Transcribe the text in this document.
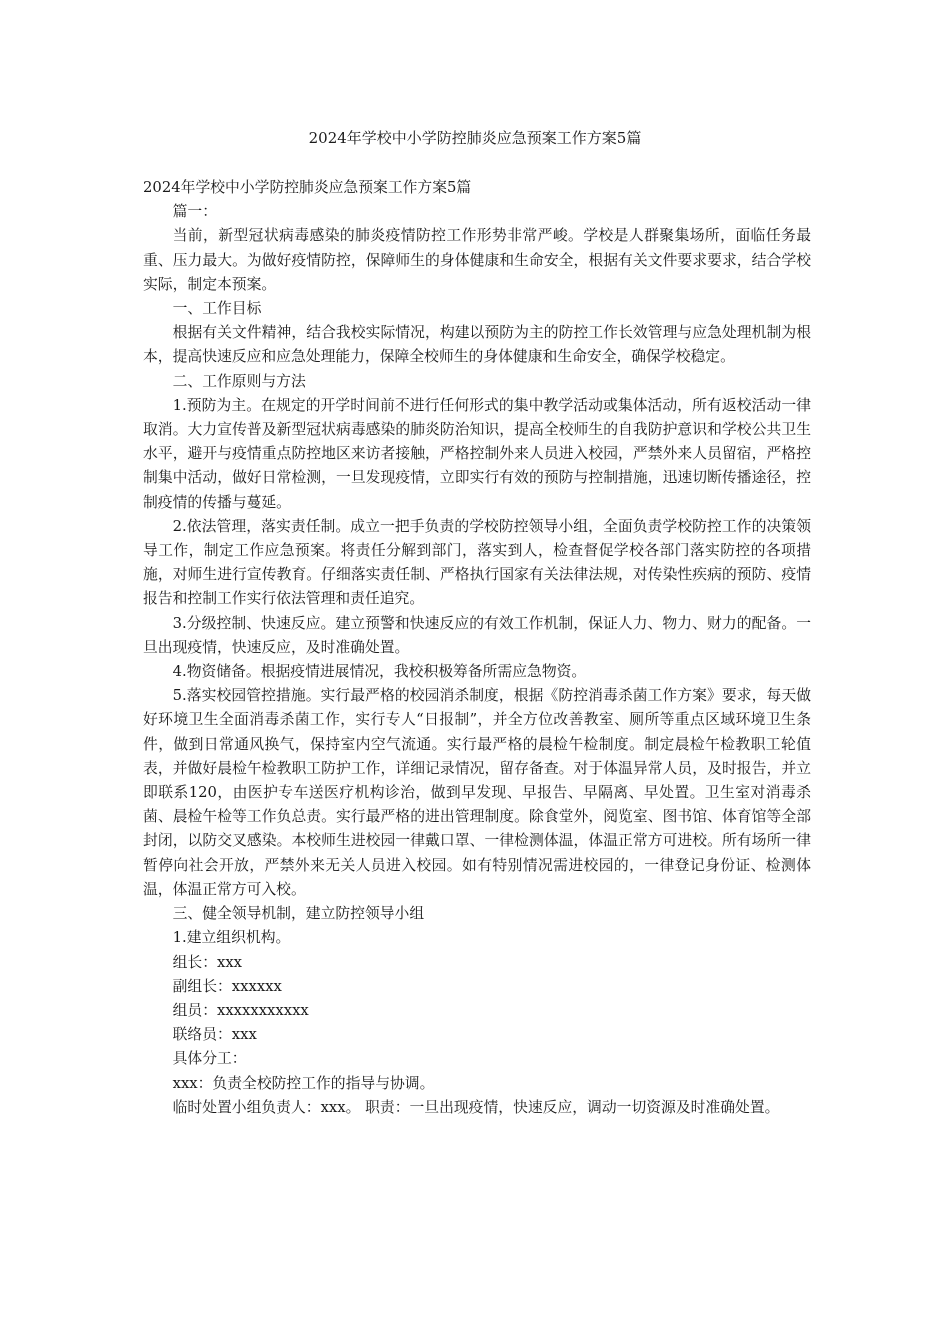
2024年学校中小学防控肺炎应急预案工作方案5篇

2024年学校中小学防控肺炎应急预案工作方案5篇

篇一：

当前，新型冠状病毒感染的肺炎疫情防控工作形势非常严峻。学校是人群聚集场所，面临任务最重、压力最大。为做好疫情防控，保障师生的身体健康和生命安全，根据有关文件要求要求，结合学校实际，制定本预案。

一、工作目标

根据有关文件精神，结合我校实际情况，构建以预防为主的防控工作长效管理与应急处理机制为根本，提高快速反应和应急处理能力，保障全校师生的身体健康和生命安全，确保学校稳定。

二、工作原则与方法

1.预防为主。在规定的开学时间前不进行任何形式的集中教学活动或集体活动，所有返校活动一律取消。大力宣传普及新型冠状病毒感染的肺炎防治知识，提高全校师生的自我防护意识和学校公共卫生水平，避开与疫情重点防控地区来访者接触，严格控制外来人员进入校园，严禁外来人员留宿，严格控制集中活动，做好日常检测，一旦发现疫情，立即实行有效的预防与控制措施，迅速切断传播途径，控制疫情的传播与蔓延。

2.依法管理，落实责任制。成立一把手负责的学校防控领导小组，全面负责学校防控工作的决策领导工作，制定工作应急预案。将责任分解到部门，落实到人，检查督促学校各部门落实防控的各项措施，对师生进行宣传教育。仔细落实责任制、严格执行国家有关法律法规，对传染性疾病的预防、疫情报告和控制工作实行依法管理和责任追究。

3.分级控制、快速反应。建立预警和快速反应的有效工作机制，保证人力、物力、财力的配备。一旦出现疫情，快速反应，及时准确处置。

4.物资储备。根据疫情进展情况，我校积极筹备所需应急物资。

5.落实校园管控措施。实行最严格的校园消杀制度，根据《防控消毒杀菌工作方案》要求，每天做好环境卫生全面消毒杀菌工作，实行专人“日报制”，并全方位改善教室、厕所等重点区域环境卫生条件，做到日常通风换气，保持室内空气流通。实行最严格的晨检午检制度。制定晨检午检教职工轮值表，并做好晨检午检教职工防护工作，详细记录情况，留存备查。对于体温异常人员，及时报告，并立即联系120，由医护专车送医疗机构诊治，做到早发现、早报告、早隔离、早处置。卫生室对消毒杀菌、晨检午检等工作负总责。实行最严格的进出管理制度。除食堂外，阅览室、图书馆、体育馆等全部封闭，以防交叉感染。本校师生进校园一律戴口罩、一律检测体温，体温正常方可进校。所有场所一律暂停向社会开放，严禁外来无关人员进入校园。如有特别情况需进校园的，一律登记身份证、检测体温，体温正常方可入校。

三、健全领导机制，建立防控领导小组

1.建立组织机构。

组长：xxx

副组长：xxxxxx

组员：xxxxxxxxxxx

联络员：xxx

具体分工：

xxx：负责全校防控工作的指导与协调。

临时处置小组负责人：xxx。 职责：一旦出现疫情，快速反应，调动一切资源及时准确处置。
